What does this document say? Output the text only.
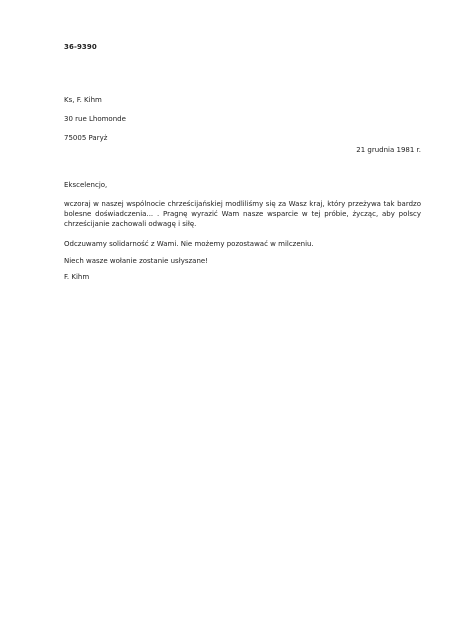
36-9390
Ks, F. Kihm
30 rue Lhomonde
75005 Paryż
21 grudnia 1981 r.
Ekscelencjo,
wczoraj w naszej wspólnocie chrześcijańskiej modliliśmy się za Wasz kraj, który przeżywa tak bardzo bolesne doświadczenia... . Pragnę wyrazić Wam nasze wsparcie w tej próbie, życząc, aby polscy chrześcijanie zachowali odwagę i siłę.
Odczuwamy solidarność z Wami. Nie możemy pozostawać w milczeniu.
Niech wasze wołanie zostanie usłyszane!
F. Kihm
